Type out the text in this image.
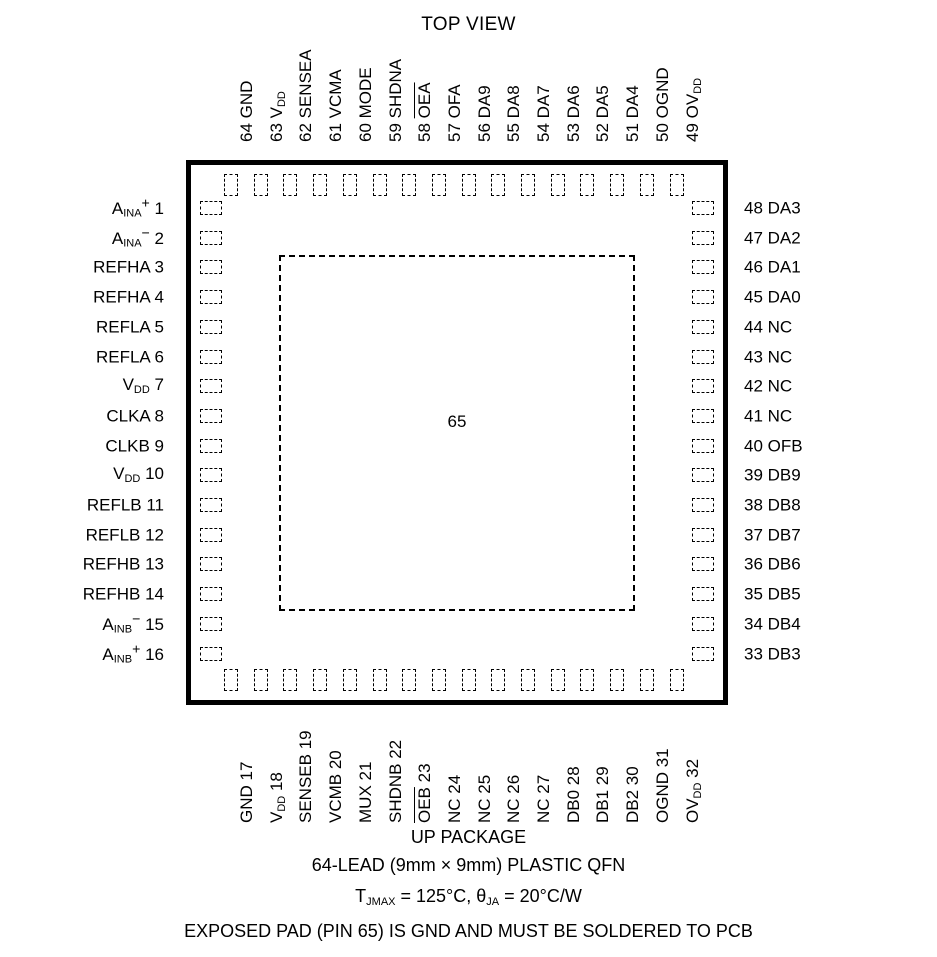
TOP VIEW
65
$A_{INA}^+$ 1
$A_{INA}^-$ 2
REFHA 3
REFHA 4
REFLA 5
REFLA 6
$V_{DD}$ 7
CLKA 8
CLKB 9
$V_{DD}$ 10
REFLB 11
REFLB 12
REFHB 13
REFHB 14
$A_{INB}^-$ 15
$A_{INB}^+$ 16
48 DA3
47 DA2
46 DA1
45 DA0
44 NC
43 NC
42 NC
41 NC
40 OFB
39 DB9
38 DB8
37 DB7
36 DB6
35 DB5
34 DB4
33 DB3
64 GND 63 $V_{DD}$ 62 SENSEA 61 VCMA 60 MODE 59 SHDNA 58 $\overline{OEA}$ 57 OFA 56 DA9 55 DA8 54 DA7 53 DA6 52 DA5 51 DA4 50 OGND 49 $OV_{DD}$
GND 17 $V_{DD}$ 18 SENSEB 19 VCMB 20 MUX 21 SHDNB 22 $\overline{OEB}$ 23 NC 24 NC 25 NC 26 NC 27 DB0 28 DB1 29 DB2 30 OGND 31 $OV_{DD}$ 32
UP PACKAGE
64-LEAD (9mm × 9mm) PLASTIC QFN
$T_{JMAX} = 125^\circ C$, $\theta_{JA} = 20^\circ C/W$
EXPOSED PAD (PIN 65) IS GND AND MUST BE SOLDERED TO PCB
